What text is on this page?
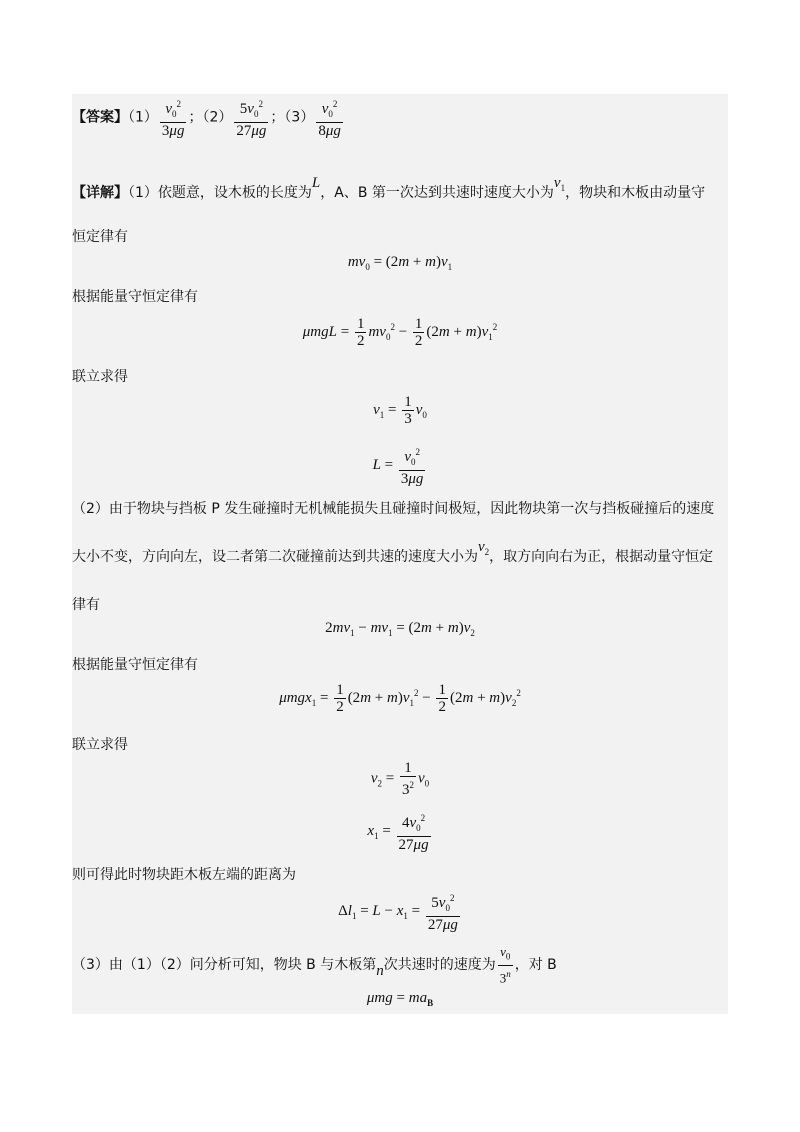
【答案】$(1) \frac{v_0^2}{3\mu g}$ ；$(2) \frac{5v_0^2}{27\mu g}$ ；$(3) \frac{v_0^2}{8\mu g}$
【详解】（1）依题意，设木板的长度为L，A、B 第一次达到共速时速度大小为$v_1$，物块和木板由动量守
恒定律有
$mv_0 = (2m + m)v_1$
根据能量守恒定律有
$\mu mgL = \frac{1}{2} mv_0^2 - \frac{1}{2} (2m + m)v_1^2$
联立求得
$v_1 = \frac{1}{3} v_0$
$L = \frac{v_0^2}{3\mu g}$
（2）由于物块与挡板 P 发生碰撞时无机械能损失且碰撞时间极短，因此物块第一次与挡板碰撞后的速度
大小不变，方向向左，设二者第二次碰撞前达到共速的速度大小为$v_2$，取方向向右为正，根据动量守恒定
律有
$2mv_1 - mv_1 = (2m + m)v_2$
根据能量守恒定律有
$\mu mgx_1 = \frac{1}{2} (2m + m)v_1^2 - \frac{1}{2} (2m + m)v_2^2$
联立求得
$v_2 = \frac{1}{3^2} v_0$
$x_1 = \frac{4v_0^2}{27\mu g}$
则可得此时物块距木板左端的距离为
$\Delta l_1 = L - x_1 = \frac{5v_0^2}{27\mu g}$
（3）由（1）（2）问分析可知，物块 B 与木板第n次共速时的速度为 $\frac{v_0}{3^n}$ ，对 B
$\mu mg = ma_B$
